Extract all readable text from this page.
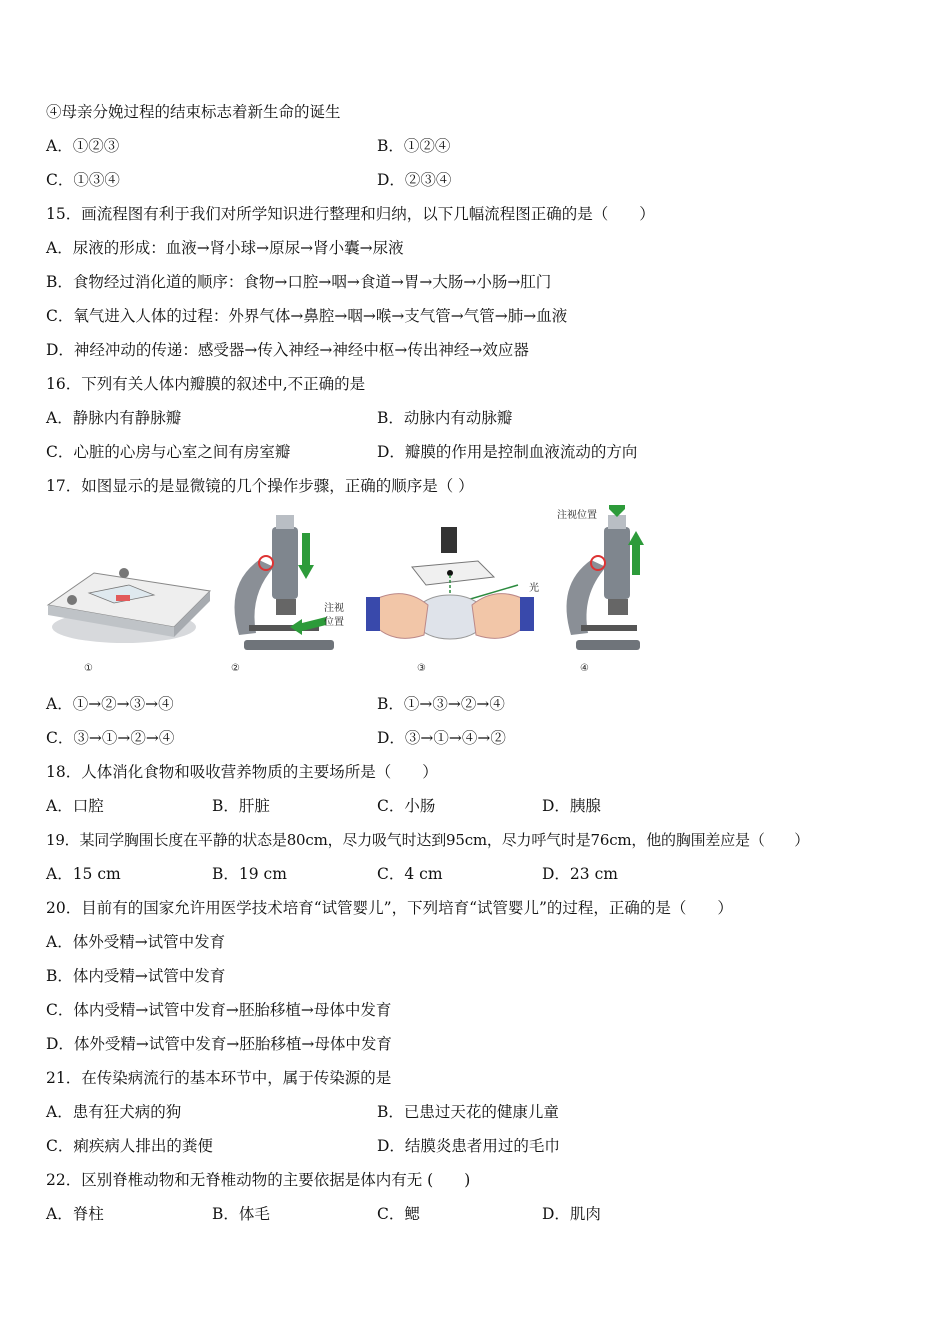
④母亲分娩过程的结束标志着新生命的诞生
A．①②③	B．①②④
C．①③④	D．②③④
15．画流程图有利于我们对所学知识进行整理和归纳，以下几幅流程图正确的是（　　）
A．尿液的形成：血液→肾小球→原尿→肾小囊→尿液
B．食物经过消化道的顺序：食物→口腔→咽→食道→胃→大肠→小肠→肛门
C．氧气进入人体的过程：外界气体→鼻腔→咽→喉→支气管→气管→肺→血液
D．神经冲动的传递：感受器→传入神经→神经中枢→传出神经→效应器
16．下列有关人体内瓣膜的叙述中,不正确的是
A．静脉内有静脉瓣	B．动脉内有动脉瓣
C．心脏的心房与心室之间有房室瓣	D．瓣膜的作用是控制血液流动的方向
17．如图显示的是显微镜的几个操作步骤，正确的顺序是（ ）
①
注视
位置
②
光
③
注视位置
④
A．①→②→③→④	B．①→③→②→④
C．③→①→②→④	D．③→①→④→②
18．人体消化食物和吸收营养物质的主要场所是（　　）
A．口腔	B．肝脏	C．小肠	D．胰腺
19．某同学胸围长度在平静的状态是80cm，尽力吸气时达到95cm，尽力呼气时是76cm，他的胸围差应是（　　）
A．15 cm	B．19 cm	C．4 cm	D．23 cm
20．目前有的国家允许用医学技术培育“试管婴儿”，下列培育“试管婴儿”的过程，正确的是（　　）
A．体外受精→试管中发育
B．体内受精→试管中发育
C．体内受精→试管中发育→胚胎移植→母体中发育
D．体外受精→试管中发育→胚胎移植→母体中发育
21．在传染病流行的基本环节中，属于传染源的是
A．患有狂犬病的狗	B．已患过天花的健康儿童
C．痢疾病人排出的粪便	D．结膜炎患者用过的毛巾
22．区别脊椎动物和无脊椎动物的主要依据是体内有无 (　　)
A．脊柱	B．体毛	C．鳃	D．肌肉
